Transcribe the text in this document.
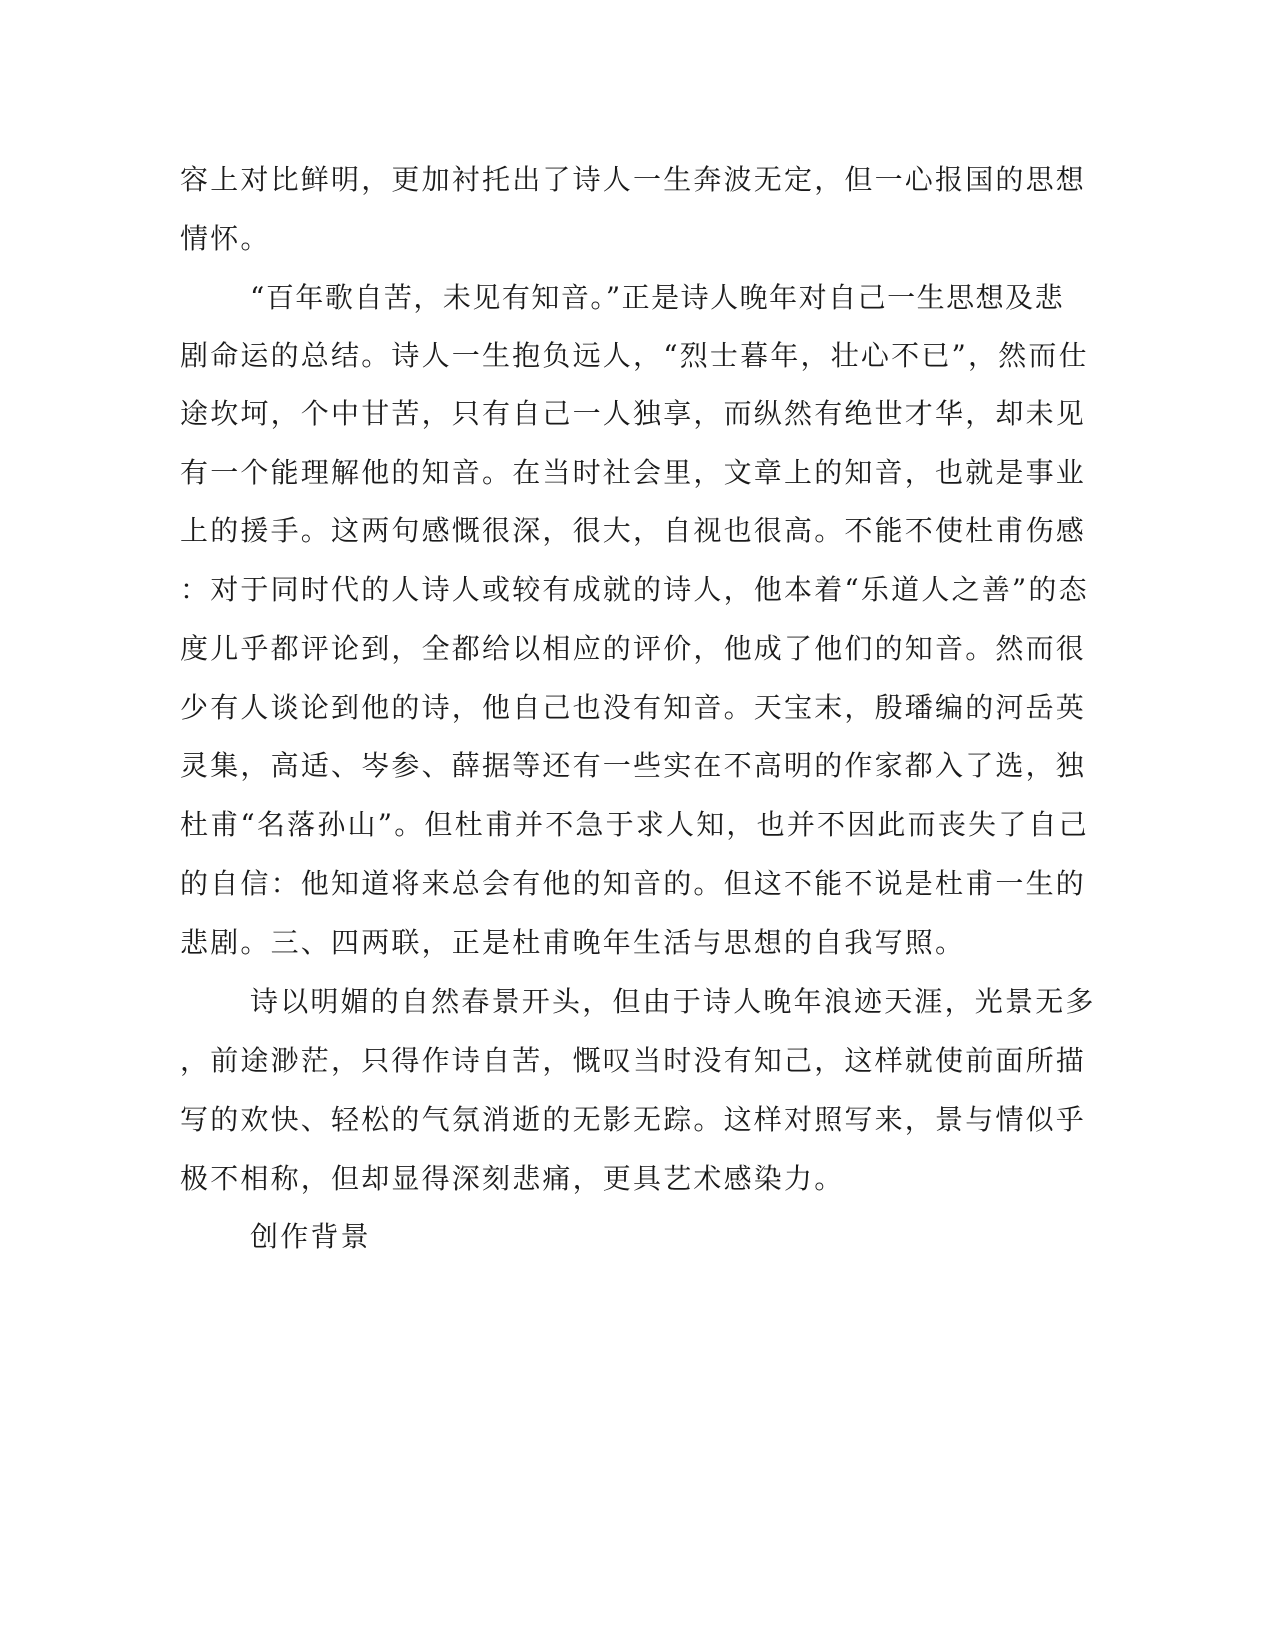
容上对比鲜明，更加衬托出了诗人一生奔波无定，但一心报国的思想
情怀。
“百年歌自苦，未见有知音。”正是诗人晚年对自己一生思想及悲
剧命运的总结。诗人一生抱负远人，“烈士暮年，壮心不已”，然而仕
途坎坷，个中甘苦，只有自己一人独享，而纵然有绝世才华，却未见
有一个能理解他的知音。在当时社会里，文章上的知音，也就是事业
上的援手。这两句感慨很深，很大，自视也很高。不能不使杜甫伤感
：对于同时代的人诗人或较有成就的诗人，他本着“乐道人之善”的态
度儿乎都评论到，全都给以相应的评价，他成了他们的知音。然而很
少有人谈论到他的诗，他自己也没有知音。天宝末，殷璠编的河岳英
灵集，高适、岑参、薛据等还有一些实在不高明的作家都入了选，独
杜甫“名落孙山”。但杜甫并不急于求人知，也并不因此而丧失了自己
的自信：他知道将来总会有他的知音的。但这不能不说是杜甫一生的
悲剧。三、四两联，正是杜甫晚年生活与思想的自我写照。
诗以明媚的自然春景开头，但由于诗人晚年浪迹天涯，光景无多
，前途渺茫，只得作诗自苦，慨叹当时没有知己，这样就使前面所描
写的欢快、轻松的气氛消逝的无影无踪。这样对照写来，景与情似乎
极不相称，但却显得深刻悲痛，更具艺术感染力。
创作背景
